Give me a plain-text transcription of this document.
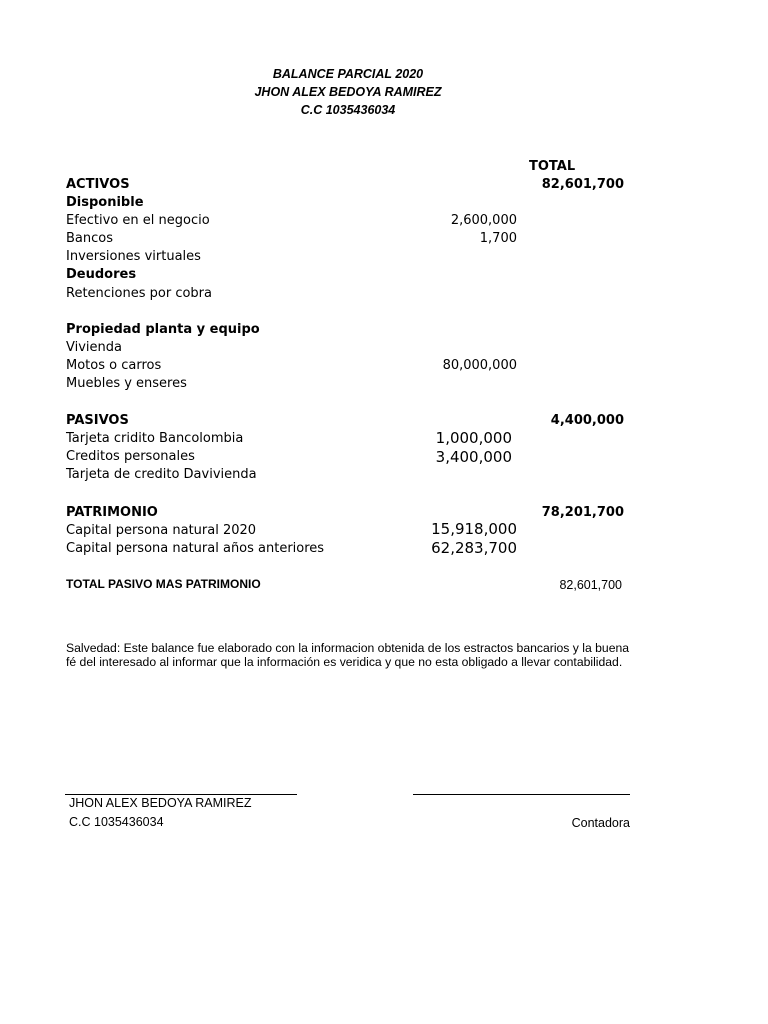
BALANCE PARCIAL 2020
JHON ALEX BEDOYA RAMIREZ
C.C 1035436034
TOTAL
ACTIVOS	82,601,700
Disponible
Efectivo en el negocio	2,600,000
Bancos	1,700
Inversiones virtuales
Deudores
Retenciones por cobra
Propiedad planta y equipo
Vivienda
Motos o carros	80,000,000
Muebles y enseres
PASIVOS	4,400,000
Tarjeta cridito Bancolombia	1,000,000
Creditos personales	3,400,000
Tarjeta de credito Davivienda
PATRIMONIO	78,201,700
Capital persona natural 2020	15,918,000
Capital persona natural años anteriores	62,283,700
TOTAL PASIVO MAS PATRIMONIO	82,601,700
Salvedad: Este balance fue elaborado con la informacion obtenida de los estractos bancarios y la buena fé del interesado al informar que la información es veridica y que no esta obligado a llevar contabilidad.
JHON ALEX BEDOYA RAMIREZ
C.C 1035436034	Contadora
